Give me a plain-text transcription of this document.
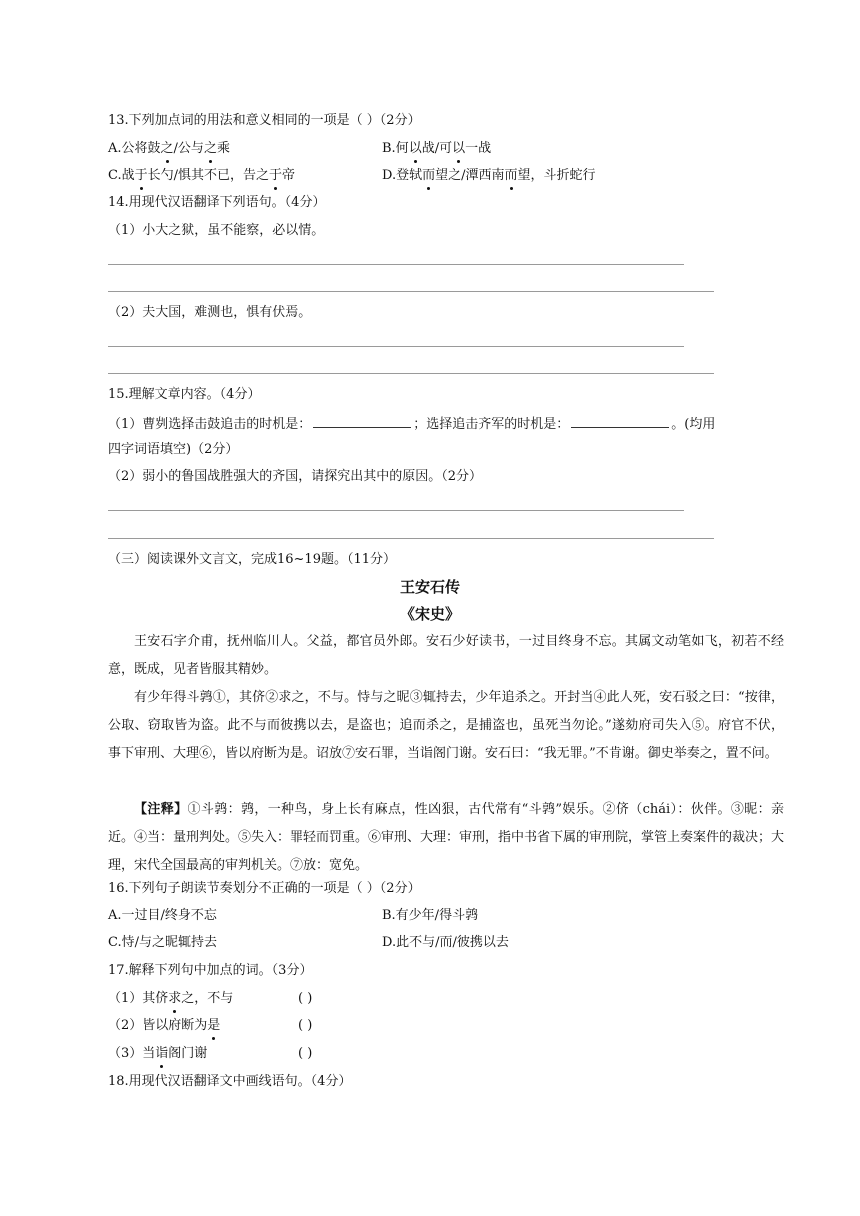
13.下列加点词的用法和意义相同的一项是（ ）（2分）
A.公将鼓之/公与之乘	B.何以战/可以一战
C.战于长勺/惧其不已，告之于帝	D.登轼而望之/潭西南而望，斗折蛇行
14.用现代汉语翻译下列语句。（4分）
（1）小大之狱，虽不能察，必以情。
（2）夫大国，难测也，惧有伏焉。
15.理解文章内容。（4分）
（1）曹刿选择击鼓追击的时机是：	；选择追击齐军的时机是：	。(均用
四字词语填空)（2分）
（2）弱小的鲁国战胜强大的齐国，请探究出其中的原因。（2分）
（三）阅读课外文言文，完成16~19题。（11分）
王安石传
《宋史》
王安石字介甫，抚州临川人。父益，都官员外郎。安石少好读书，一过目终身不忘。其属文动笔如飞，初若不经意，既成，见者皆服其精妙。
有少年得斗鹑①，其侪②求之，不与。恃与之昵③辄持去，少年追杀之。开封当④此人死，安石驳之曰：“按律，公取、窃取皆为盗。此不与而彼携以去，是盗也；追而杀之，是捕盗也，虽死当勿论。”遂劾府司失入⑤。府官不伏，事下审刑、大理⑥，皆以府断为是。诏放⑦安石罪，当诣阁门谢。安石曰：“我无罪。”不肯谢。御史举奏之，置不问。
【注释】①斗鹑：鹑，一种鸟，身上长有麻点，性凶狠，古代常有“斗鹑”娱乐。②侪（chái）：伙伴。③昵：亲近。④当：量刑判处。⑤失入：罪轻而罚重。⑥审刑、大理：审刑，指中书省下属的审刑院，掌管上奏案件的裁决；大理，宋代全国最高的审判机关。⑦放：宽免。
16.下列句子朗读节奏划分不正确的一项是（ ）（2分）
A.一过目/终身不忘	B.有少年/得斗鹑
C.恃/与之昵辄持去	D.此不与/而/彼携以去
17.解释下列句中加点的词。（3分）
（1）其侪求之，不与	( )
（2）皆以府断为是	( )
（3）当诣阁门谢	( )
18.用现代汉语翻译文中画线语句。（4分）
